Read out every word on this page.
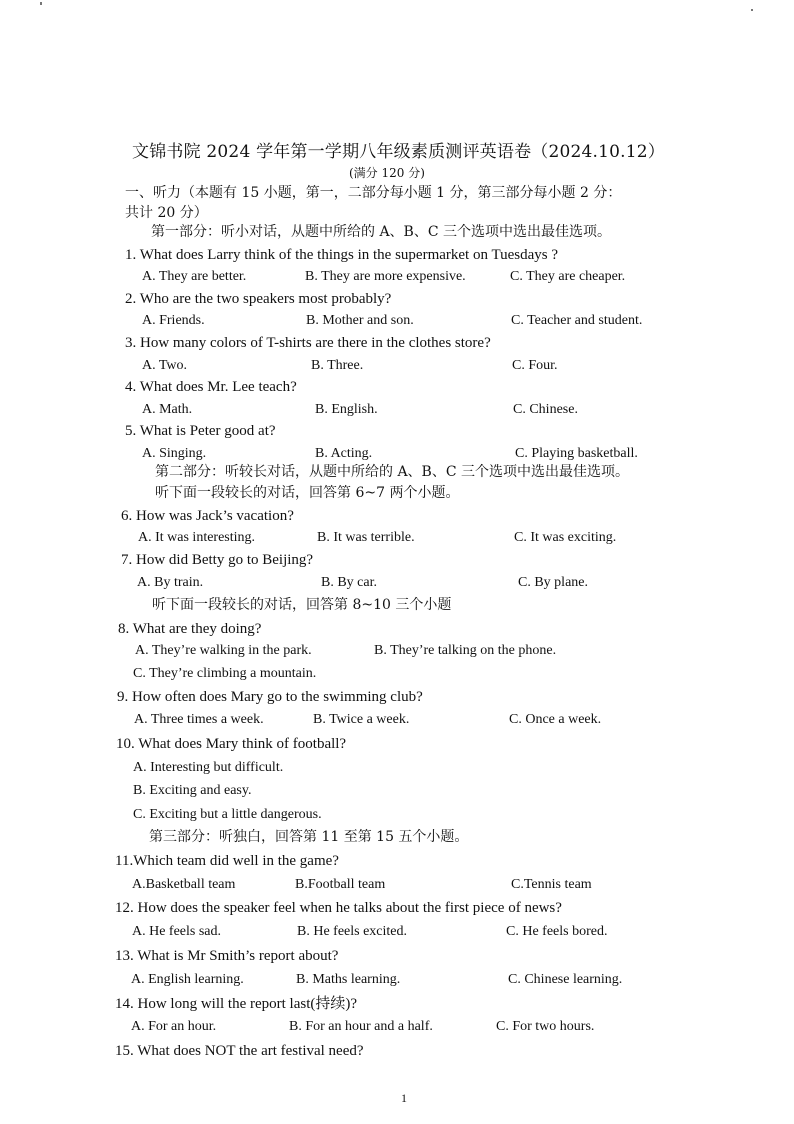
文锦书院 2024 学年第一学期八年级素质测评英语卷（2024.10.12）
(满分 120 分)
一、听力（本题有 15 小题，第一，二部分每小题 1 分，第三部分每小题 2 分：
共计 20 分）
第一部分：听小对话，从题中所给的 A、B、C 三个选项中选出最佳选项。
1. What does Larry think of the things in the supermarket on Tuesdays ?
A. They are better.	B. They are more expensive.	C. They are cheaper.
2. Who are the two speakers most probably?
A. Friends.	B. Mother and son.	C. Teacher and student.
3. How many colors of T-shirts are there in the clothes store?
A. Two.	B. Three.	C. Four.
4. What does Mr. Lee teach?
A. Math.	B. English.	C. Chinese.
5. What is Peter good at?
A. Singing.	B. Acting.	C. Playing basketball.
第二部分：听较长对话，从题中所给的 A、B、C 三个选项中选出最佳选项。
听下面一段较长的对话，回答第 6~7 两个小题。
6. How was Jack’s vacation?
A. It was interesting.	B. It was terrible.	C. It was exciting.
7. How did Betty go to Beijing?
A. By train.	B. By car.	C. By plane.
听下面一段较长的对话，回答第 8~10 三个小题
8. What are they doing?
A. They’re walking in the park.	B. They’re talking on the phone.
C. They’re climbing a mountain.
9. How often does Mary go to the swimming club?
A. Three times a week.	B. Twice a week.	C. Once a week.
10. What does Mary think of football?
A. Interesting but difficult.
B. Exciting and easy.
C. Exciting but a little dangerous.
第三部分：听独白，回答第 11 至第 15 五个小题。
11.Which team did well in the game?
A.Basketball team	B.Football team	C.Tennis team
12. How does the speaker feel when he talks about the first piece of news?
A. He feels sad.	B. He feels excited.	C. He feels bored.
13. What is Mr Smith’s report about?
A. English learning.	B. Maths learning.	C. Chinese learning.
14. How long will the report last(持续)?
A. For an hour.	B. For an hour and a half.	C. For two hours.
15. What does NOT the art festival need?
1
